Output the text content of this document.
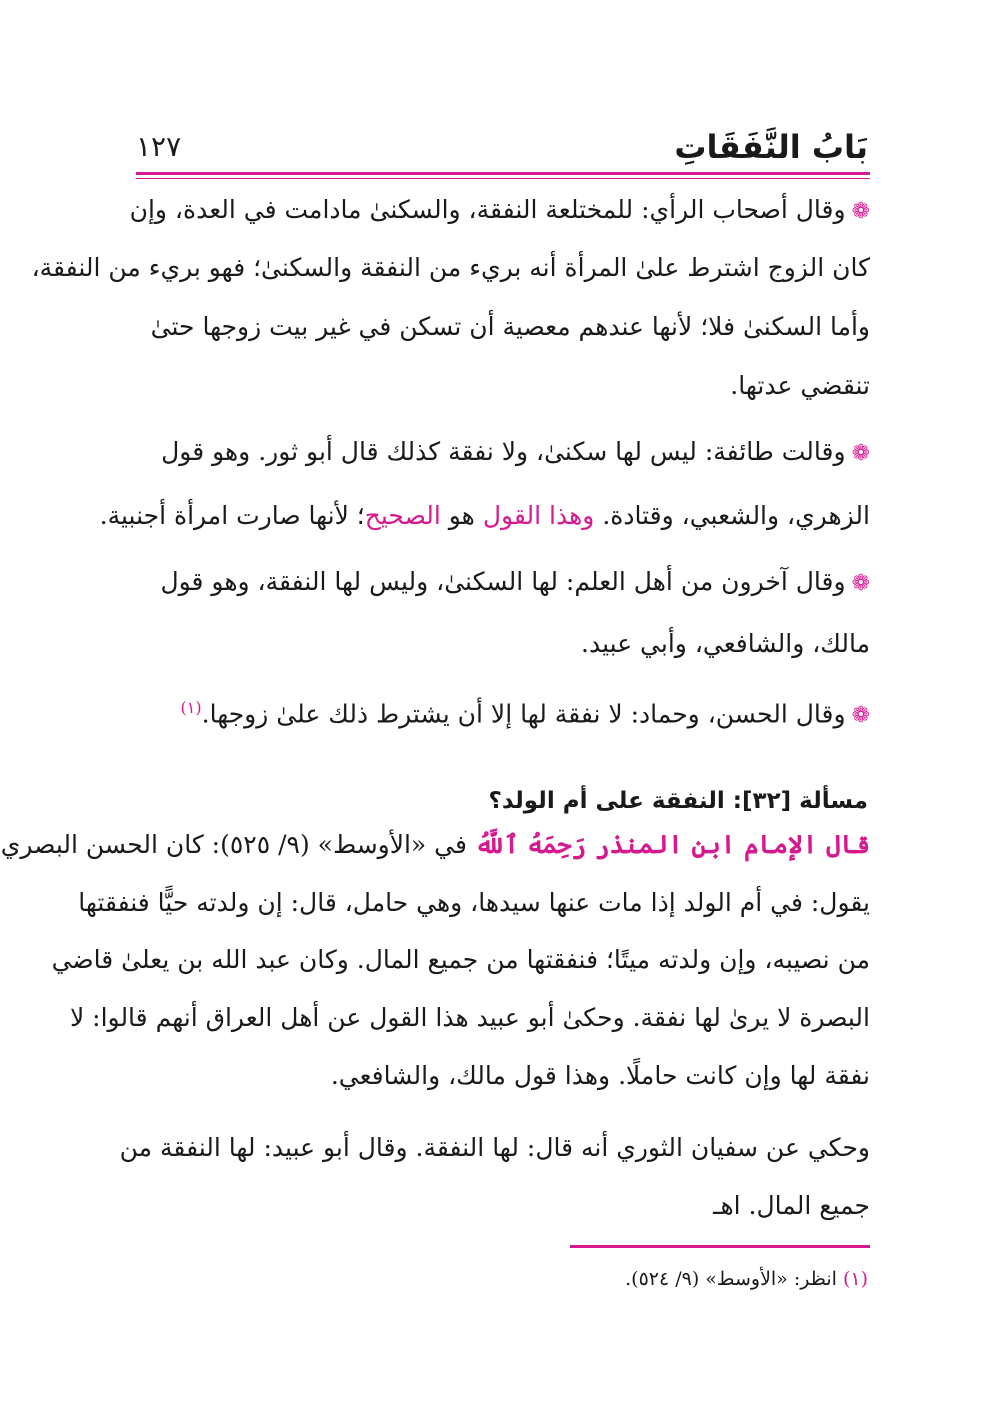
بَابُ النَّفَقَاتِ
١٢٧
❁وقال أصحاب الرأي: للمختلعة النفقة، والسكنىٰ مادامت في العدة، وإن
كان الزوج اشترط علىٰ المرأة أنه بريء من النفقة والسكنىٰ؛ فهو بريء من النفقة،
وأما السكنىٰ فلا؛ لأنها عندهم معصية أن تسكن في غير بيت زوجها حتىٰ
تنقضي عدتها.
❁وقالت طائفة: ليس لها سكنىٰ، ولا نفقة كذلك قال أبو ثور. وهو قول
الزهري، والشعبي، وقتادة. وهذا القول هو الصحيح؛ لأنها صارت امرأة أجنبية.
❁وقال آخرون من أهل العلم: لها السكنىٰ، وليس لها النفقة، وهو قول
مالك، والشافعي، وأبي عبيد.
❁وقال الحسن، وحماد: لا نفقة لها إلا أن يشترط ذلك علىٰ زوجها.$^{(١)}$
مسألة [٣٢]: النفقة على أم الولد؟
قال الإمام ابن المنذر رَحِمَهُ ٱللَّهُ في «الأوسط» (٩/ ٥٢٥): كان الحسن البصري
يقول: في أم الولد إذا مات عنها سيدها، وهي حامل، قال: إن ولدته حيًّا فنفقتها
من نصيبه، وإن ولدته ميتًا؛ فنفقتها من جميع المال. وكان عبد الله بن يعلىٰ قاضي
البصرة لا يرىٰ لها نفقة. وحكىٰ أبو عبيد هذا القول عن أهل العراق أنهم قالوا: لا
نفقة لها وإن كانت حاملًا. وهذا قول مالك، والشافعي.
وحكي عن سفيان الثوري أنه قال: لها النفقة. وقال أبو عبيد: لها النفقة من
جميع المال. اهـ
(١) انظر: «الأوسط» (٩/ ٥٢٤).
